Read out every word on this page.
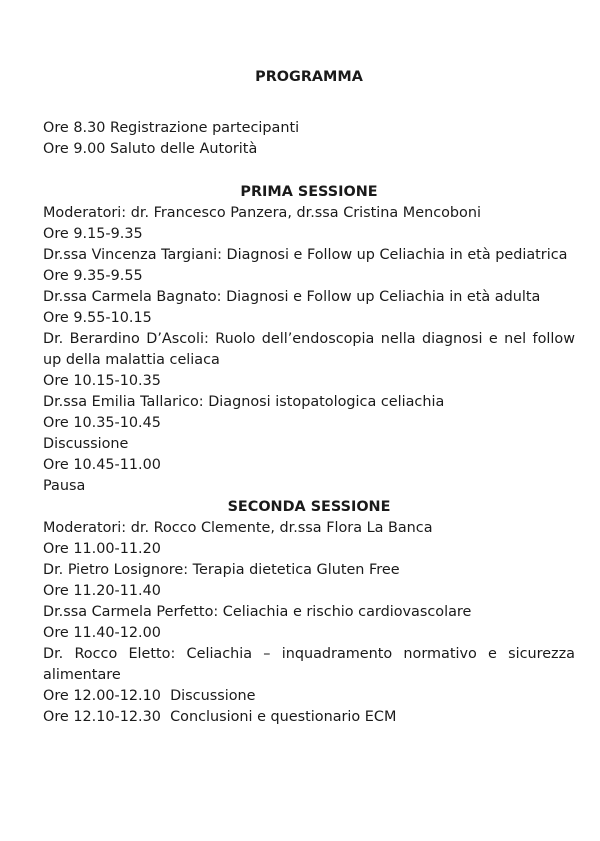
PROGRAMMA

Ore 8.30 Registrazione partecipanti

Ore 9.00 Saluto delle Autorità

PRIMA SESSIONE

Moderatori: dr. Francesco Panzera, dr.ssa Cristina Mencoboni

Ore 9.15-9.35

Dr.ssa Vincenza Targiani: Diagnosi e Follow up Celiachia in età pediatrica

Ore 9.35-9.55

Dr.ssa Carmela Bagnato: Diagnosi e Follow up Celiachia in età adulta

Ore 9.55-10.15

Dr. Berardino D’Ascoli: Ruolo dell’endoscopia nella diagnosi e nel follow up della malattia celiaca

Ore 10.15-10.35

Dr.ssa Emilia Tallarico: Diagnosi istopatologica celiachia

Ore 10.35-10.45

Discussione

Ore 10.45-11.00

Pausa

SECONDA SESSIONE

Moderatori: dr. Rocco Clemente, dr.ssa Flora La Banca

Ore 11.00-11.20

Dr. Pietro Losignore: Terapia dietetica Gluten Free

Ore 11.20-11.40

Dr.ssa Carmela Perfetto: Celiachia e rischio cardiovascolare

Ore 11.40-12.00

Dr. Rocco Eletto: Celiachia – inquadramento normativo e sicurezza alimentare

Ore 12.00-12.10  Discussione

Ore 12.10-12.30  Conclusioni e questionario ECM
